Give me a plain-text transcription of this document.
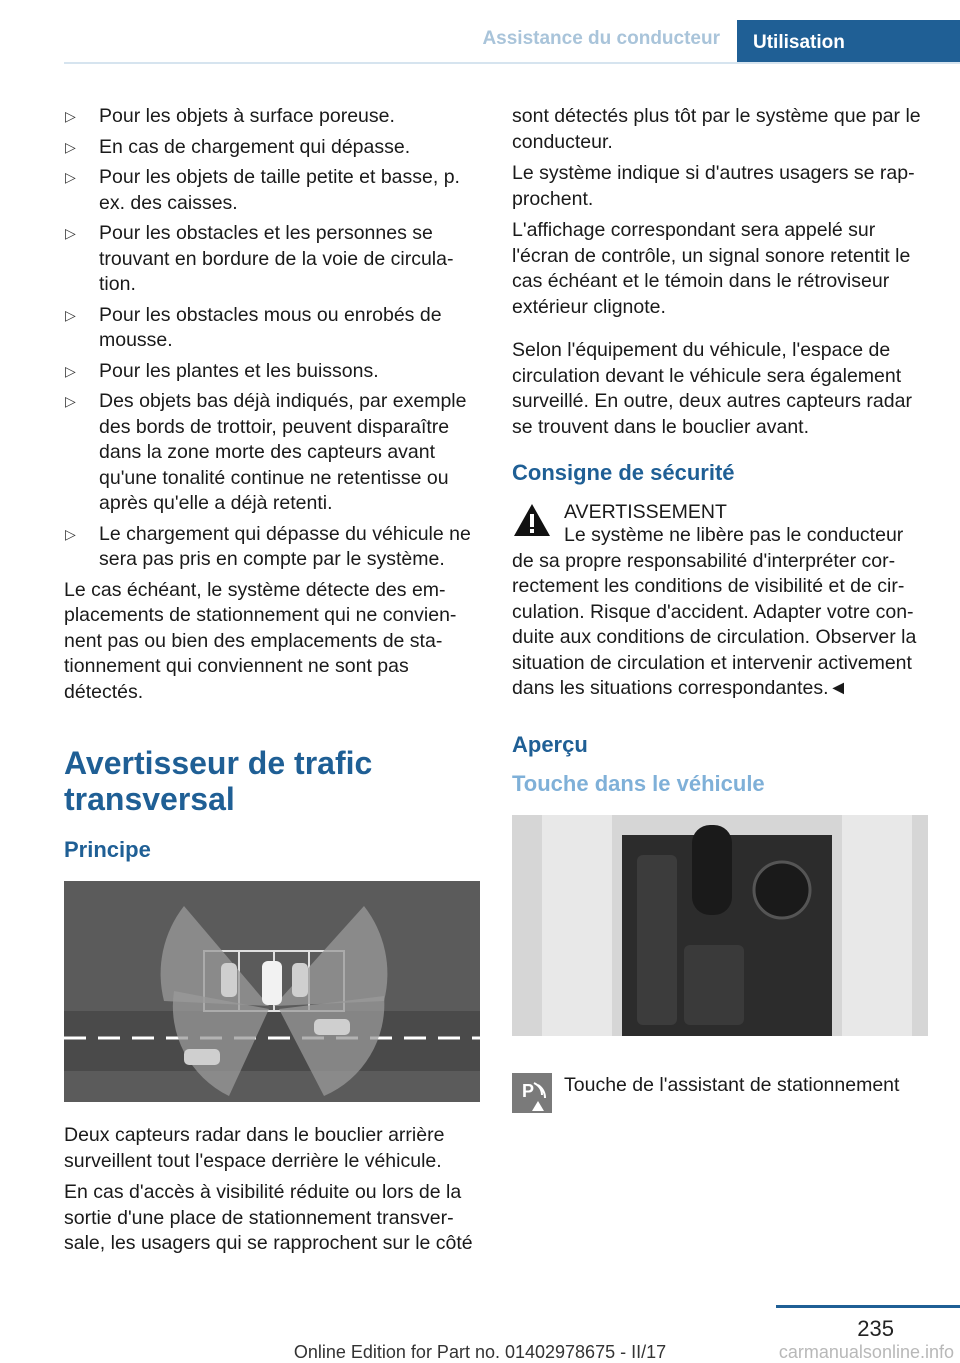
Assistance du conducteur	Utilisation
▷ Pour les objets à surface poreuse.
▷ En cas de chargement qui dépasse.
▷ Pour les objets de taille petite et basse, p. ex. des caisses.
▷ Pour les obstacles et les personnes se trouvant en bordure de la voie de circula-tion.
▷ Pour les obstacles mous ou enrobés de mousse.
▷ Pour les plantes et les buissons.
▷ Des objets bas déjà indiqués, par exemple des bords de trottoir, peuvent disparaître dans la zone morte des capteurs avant qu'une tonalité continue ne retentisse ou après qu'elle a déjà retenti.
▷ Le chargement qui dépasse du véhicule ne sera pas pris en compte par le système.

Le cas échéant, le système détecte des em-placements de stationnement qui ne convien-nent pas ou bien des emplacements de sta-tionnement qui conviennent ne sont pas détectés.

Avertisseur de trafic transversal
Principe

Deux capteurs radar dans le bouclier arrière surveillent tout l'espace derrière le véhicule.

En cas d'accès à visibilité réduite ou lors de la sortie d'une place de stationnement transver-sale, les usagers qui se rapprochent sur le côté

sont détectés plus tôt par le système que par le conducteur.

Le système indique si d'autres usagers se rap-prochent.

L'affichage correspondant sera appelé sur l'écran de contrôle, un signal sonore retentit le cas échéant et le témoin dans le rétroviseur extérieur clignote.

Selon l'équipement du véhicule, l'espace de circulation devant le véhicule sera également surveillé. En outre, deux autres capteurs radar se trouvent dans le bouclier avant.

Consigne de sécurité
AVERTISSEMENT

Le système ne libère pas le conducteur de sa propre responsabilité d'interpréter cor-rectement les conditions de visibilité et de cir-culation. Risque d'accident. Adapter votre con-duite aux conditions de circulation. Observer la situation de circulation et intervenir activement dans les situations correspondantes.◄

Aperçu
Touche dans le véhicule
P Touche de l'assistant de stationnement
235
Online Edition for Part no. 01402978675 - II/17	carmanualsonline.info
